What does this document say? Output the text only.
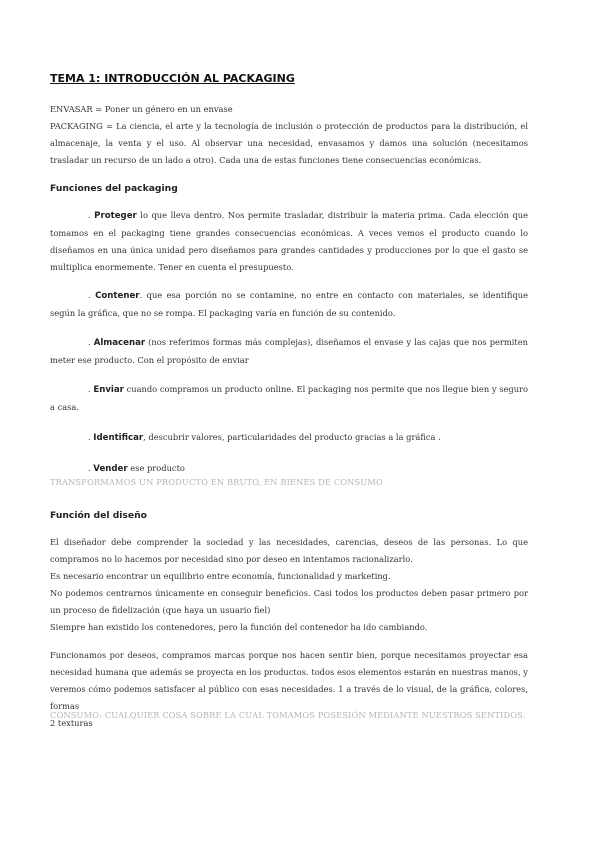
TEMA 1: INTRODUCCIÓN AL PACKAGING
ENVASAR = Poner un género en un envase
PACKAGING = La ciencia, el arte y la tecnología de inclusión o protección de productos para la distribución, el almacenaje, la venta y el uso. Al observar una necesidad, envasamos y damos una solución (necesitamos trasladar un recurso de un lado a otro). Cada una de estas funciones tiene consecuencias económicas.
Funciones del packaging
. Proteger lo que lleva dentro. Nos permite trasladar, distribuir la materia prima. Cada elección que tomamos en el packaging tiene grandes consecuencias económicas. A veces vemos el producto cuando lo diseñamos en una única unidad pero diseñamos para grandes cantidades y producciones por lo que el gasto se multiplica enormemente. Tener en cuenta el presupuesto.
. Contener. que esa porción no se contamine, no entre en contacto con materiales, se identifique según la gráfica, que no se rompa. El packaging varía en función de su contenido.
. Almacenar (nos referimos formas más complejas), diseñamos el envase y las cajas que nos permiten meter ese producto. Con el propósito de enviar
. Enviar cuando compramos un producto online. El packaging nos permite que nos llegue bien y seguro a casa.
. Identificar, descubrir valores, particularidades del producto gracias a la gráfica .
. Vender ese producto
TRANSFORMAMOS UN PRODUCTO EN BRUTO, EN BIENES DE CONSUMO
Función del diseño
El diseñador debe comprender la sociedad y las necesidades, carencias, deseos de las personas. Lo que compramos no lo hacemos por necesidad sino por deseo en intentamos racionalizarlo.
Es necesario encontrar un equilibrio entre economía, funcionalidad y marketing.
No podemos centrarnos únicamente en conseguir beneficios. Casi todos los productos deben pasar primero por un proceso de fidelización (que haya un usuario fiel)
Siempre han existido los contenedores, pero la función del contenedor ha ido cambiando.
Funcionamos por deseos, compramos marcas porque nos hacen sentir bien, porque necesitamos proyectar esa necesidad humana que además se proyecta en los productos. todos esos elementos estarán en nuestras manos, y veremos cómo podemos satisfacer al público con esas necesidades. 1 a través de lo visual, de la gráfica, colores, formas
2 texturas
CONSUMO: CUALQUIER COSA SOBRE LA CUAL TOMAMOS POSESIÓN MEDIANTE NUESTROS SENTIDOS.
